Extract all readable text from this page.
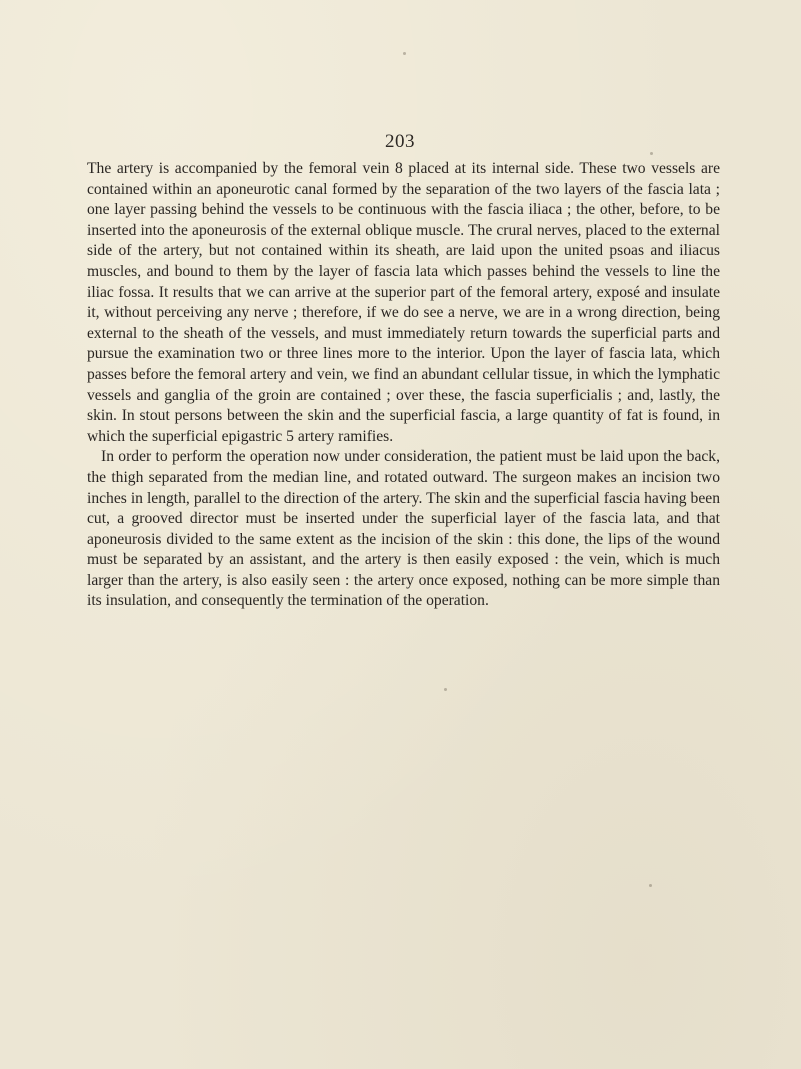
203

The artery is accompanied by the femoral vein 8 placed at its internal side. These two vessels are contained within an aponeurotic canal formed by the separation of the two layers of the fascia lata ; one layer passing behind the vessels to be continuous with the fascia iliaca ; the other, before, to be inserted into the aponeurosis of the external oblique muscle. The crural nerves, placed to the external side of the artery, but not contained within its sheath, are laid upon the united psoas and iliacus muscles, and bound to them by the layer of fascia lata which passes behind the vessels to line the iliac fossa. It results that we can arrive at the superior part of the femoral artery, exposé and insulate it, without perceiving any nerve ; therefore, if we do see a nerve, we are in a wrong direction, being external to the sheath of the vessels, and must immediately return towards the superficial parts and pursue the examination two or three lines more to the interior. Upon the layer of fascia lata, which passes before the femoral artery and vein, we find an abundant cellular tissue, in which the lymphatic vessels and ganglia of the groin are contained ; over these, the fascia superficialis ; and, lastly, the skin. In stout persons between the skin and the superficial fascia, a large quantity of fat is found, in which the superficial epigastric 5 artery ramifies.

In order to perform the operation now under consideration, the patient must be laid upon the back, the thigh separated from the median line, and rotated outward. The surgeon makes an incision two inches in length, parallel to the direction of the artery. The skin and the superficial fascia having been cut, a grooved director must be inserted under the superficial layer of the fascia lata, and that aponeurosis divided to the same extent as the incision of the skin : this done, the lips of the wound must be separated by an assistant, and the artery is then easily exposed : the vein, which is much larger than the artery, is also easily seen : the artery once exposed, nothing can be more simple than its insulation, and consequently the termination of the operation.
